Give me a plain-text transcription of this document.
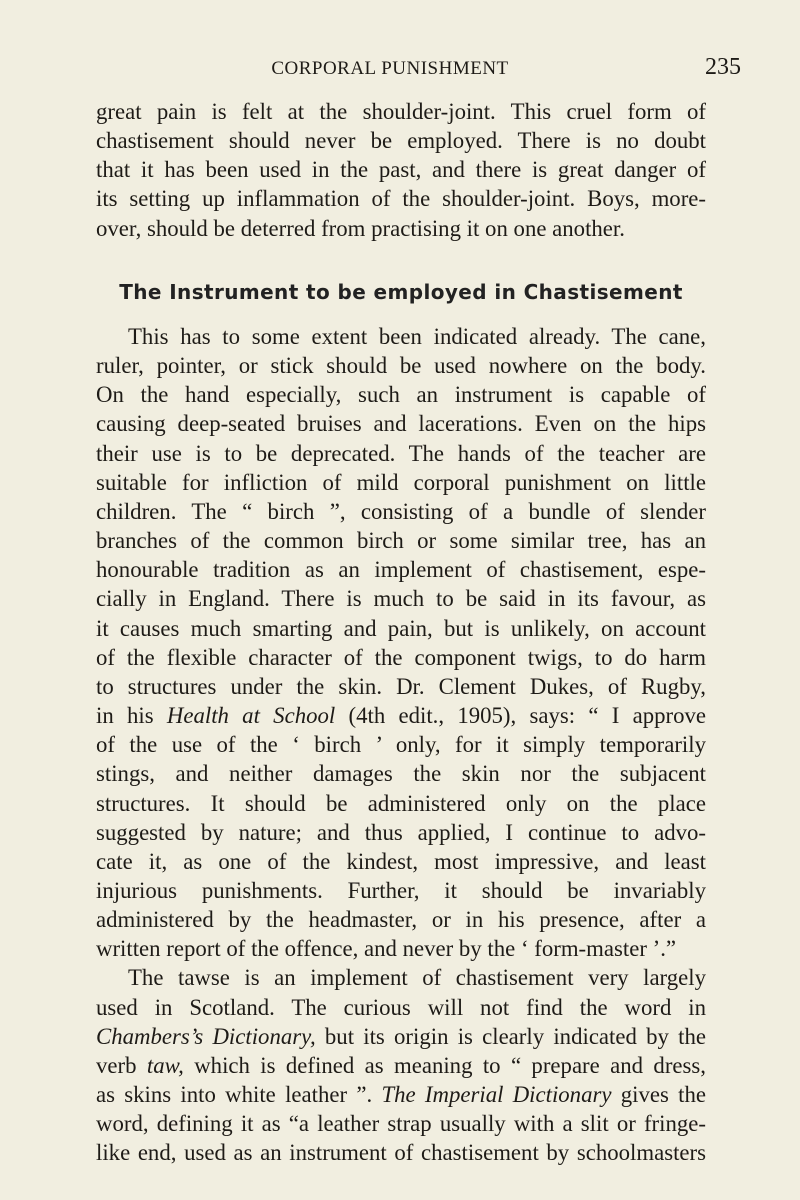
CORPORAL PUNISHMENT	235
great pain is felt at the shoulder-joint. This cruel form of
chastisement should never be employed. There is no doubt
that it has been used in the past, and there is great danger of
its setting up inflammation of the shoulder-joint. Boys, more-
over, should be deterred from practising it on one another.
The Instrument to be employed in Chastisement
This has to some extent been indicated already. The cane,
ruler, pointer, or stick should be used nowhere on the body.
On the hand especially, such an instrument is capable of
causing deep-seated bruises and lacerations. Even on the hips
their use is to be deprecated. The hands of the teacher are
suitable for infliction of mild corporal punishment on little
children. The “ birch ”, consisting of a bundle of slender
branches of the common birch or some similar tree, has an
honourable tradition as an implement of chastisement, espe-
cially in England. There is much to be said in its favour, as
it causes much smarting and pain, but is unlikely, on account
of the flexible character of the component twigs, to do harm
to structures under the skin. Dr. Clement Dukes, of Rugby,
in his Health at School (4th edit., 1905), says: “ I approve
of the use of the ‘ birch ’ only, for it simply temporarily
stings, and neither damages the skin nor the subjacent
structures. It should be administered only on the place
suggested by nature; and thus applied, I continue to advo-
cate it, as one of the kindest, most impressive, and least
injurious punishments. Further, it should be invariably
administered by the headmaster, or in his presence, after a
written report of the offence, and never by the ‘ form-master ’.”
The tawse is an implement of chastisement very largely
used in Scotland. The curious will not find the word in
Chambers’s Dictionary, but its origin is clearly indicated by the
verb taw, which is defined as meaning to “ prepare and dress,
as skins into white leather ”. The Imperial Dictionary gives the
word, defining it as “a leather strap usually with a slit or fringe-
like end, used as an instrument of chastisement by schoolmasters
